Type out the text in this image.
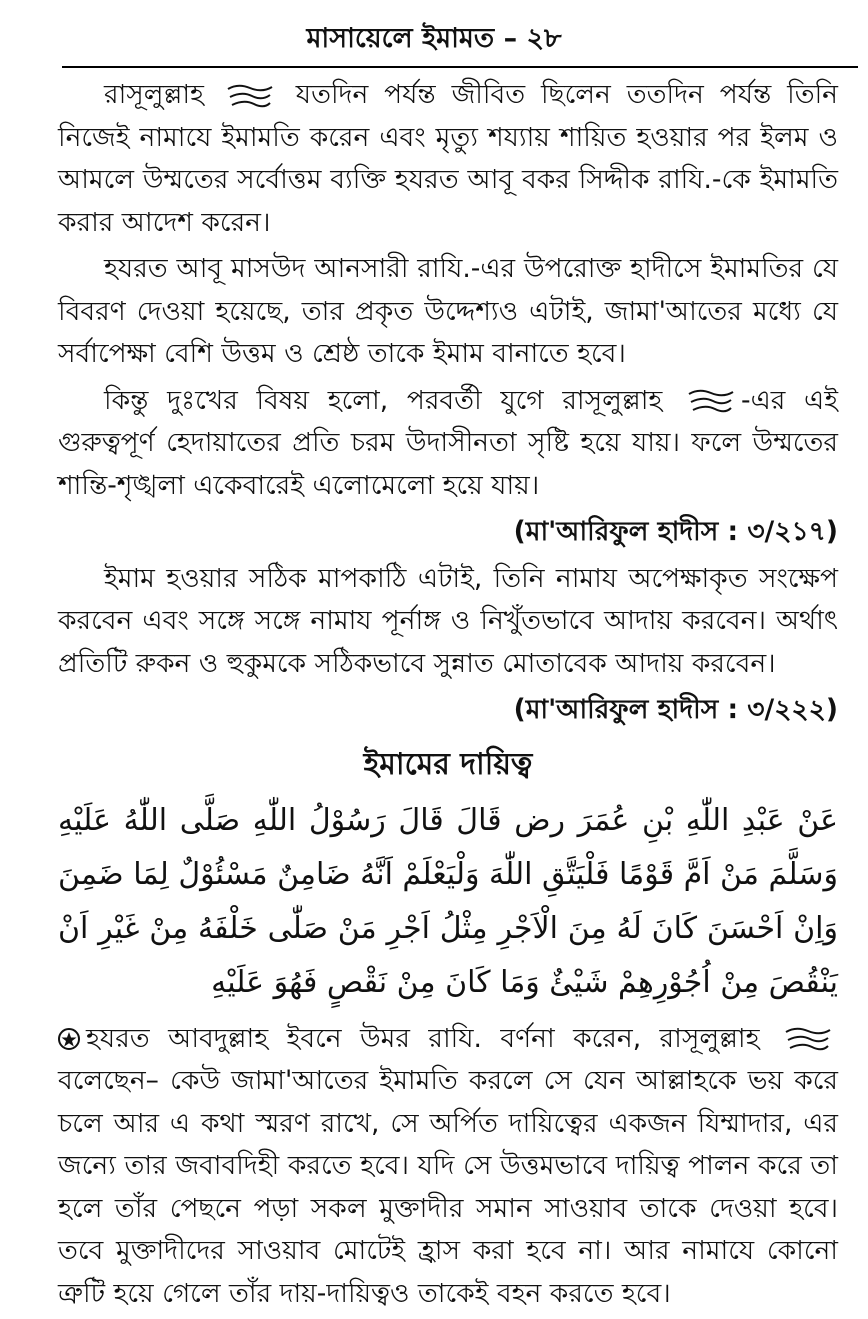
মাসায়েলে ইমামত – ২৮

রাসূলুল্লাহ	যতদিন পর্যন্ত জীবিত ছিলেন ততদিন পর্যন্ত তিনি নিজেই নামাযে ইমামতি করেন এবং মৃত্যু শয্যায় শায়িত হওয়ার পর ইলম ও আমলে উম্মতের সর্বোত্তম ব্যক্তি হযরত আবূ বকর সিদ্দীক রাযি.-কে ইমামতি করার আদেশ করেন।

হযরত আবূ মাসউদ আনসারী রাযি.-এর উপরোক্ত হাদীসে ইমামতির যে বিবরণ দেওয়া হয়েছে, তার প্রকৃত উদ্দেশ্যও এটাই, জামা'আতের মধ্যে যে সর্বাপেক্ষা বেশি উত্তম ও শ্রেষ্ঠ তাকে ইমাম বানাতে হবে।

কিন্তু দুঃখের বিষয় হলো, পরবর্তী যুগে রাসূলুল্লাহ	-এর এই গুরুত্বপূর্ণ হেদায়াতের প্রতি চরম উদাসীনতা সৃষ্টি হয়ে যায়। ফলে উম্মতের শান্তি-শৃঙ্খলা একেবারেই এলোমেলো হয়ে যায়।

(মা'আরিফুল হাদীস : ৩/২১৭)

ইমাম হওয়ার সঠিক মাপকাঠি এটাই, তিনি নামায অপেক্ষাকৃত সংক্ষেপ করবেন এবং সঙ্গে সঙ্গে নামায পূর্নাঙ্গ ও নিখুঁতভাবে আদায় করবেন। অর্থাৎ প্রতিটি রুকন ও হুকুমকে সঠিকভাবে সুন্নাত মোতাবেক আদায় করবেন।

(মা'আরিফুল হাদীস : ৩/২২২)

ইমামের দায়িত্ব

عَنْ عَبْدِ اللّٰهِ بْنِ عُمَرَ رض قَالَ قَالَ رَسُوْلُ اللّٰهِ صَلَّى اللّٰهُ عَلَيْهِ وَسَلَّمَ مَنْ اَمَّ قَوْمًا فَلْيَتَّقِ اللّٰهَ وَلْيَعْلَمْ اَنَّهُ ضَامِنٌ مَسْئُوْلٌ لِمَا ضَمِنَ وَاِنْ اَحْسَنَ كَانَ لَهُ مِنَ الْاَجْرِ مِثْلُ اَجْرِ مَنْ صَلّٰى خَلْفَهُ مِنْ غَيْرِ اَنْ يَنْقُصَ مِنْ اُجُوْرِهِمْ شَيْئٌ وَمَا كَانَ مِنْ نَقْصٍ فَهُوَ عَلَيْهِ

হযরত আবদুল্লাহ ইবনে উমর রাযি. বর্ণনা করেন, রাসূলুল্লাহ  বলেছেন– কেউ জামা'আতের ইমামতি করলে সে যেন আল্লাহকে ভয় করে চলে আর এ কথা স্মরণ রাখে, সে অর্পিত দায়িত্বের একজন যিম্মাদার, এর জন্যে তার জবাবদিহী করতে হবে। যদি সে উত্তমভাবে দায়িত্ব পালন করে তা হলে তাঁর পেছনে পড়া সকল মুক্তাদীর সমান সাওয়াব তাকে দেওয়া হবে। তবে মুক্তাদীদের সাওয়াব মোটেই হ্রাস করা হবে না। আর নামাযে কোনো ত্রুটি হয়ে গেলে তাঁর দায়-দায়িত্বও তাকেই বহন করতে হবে।
